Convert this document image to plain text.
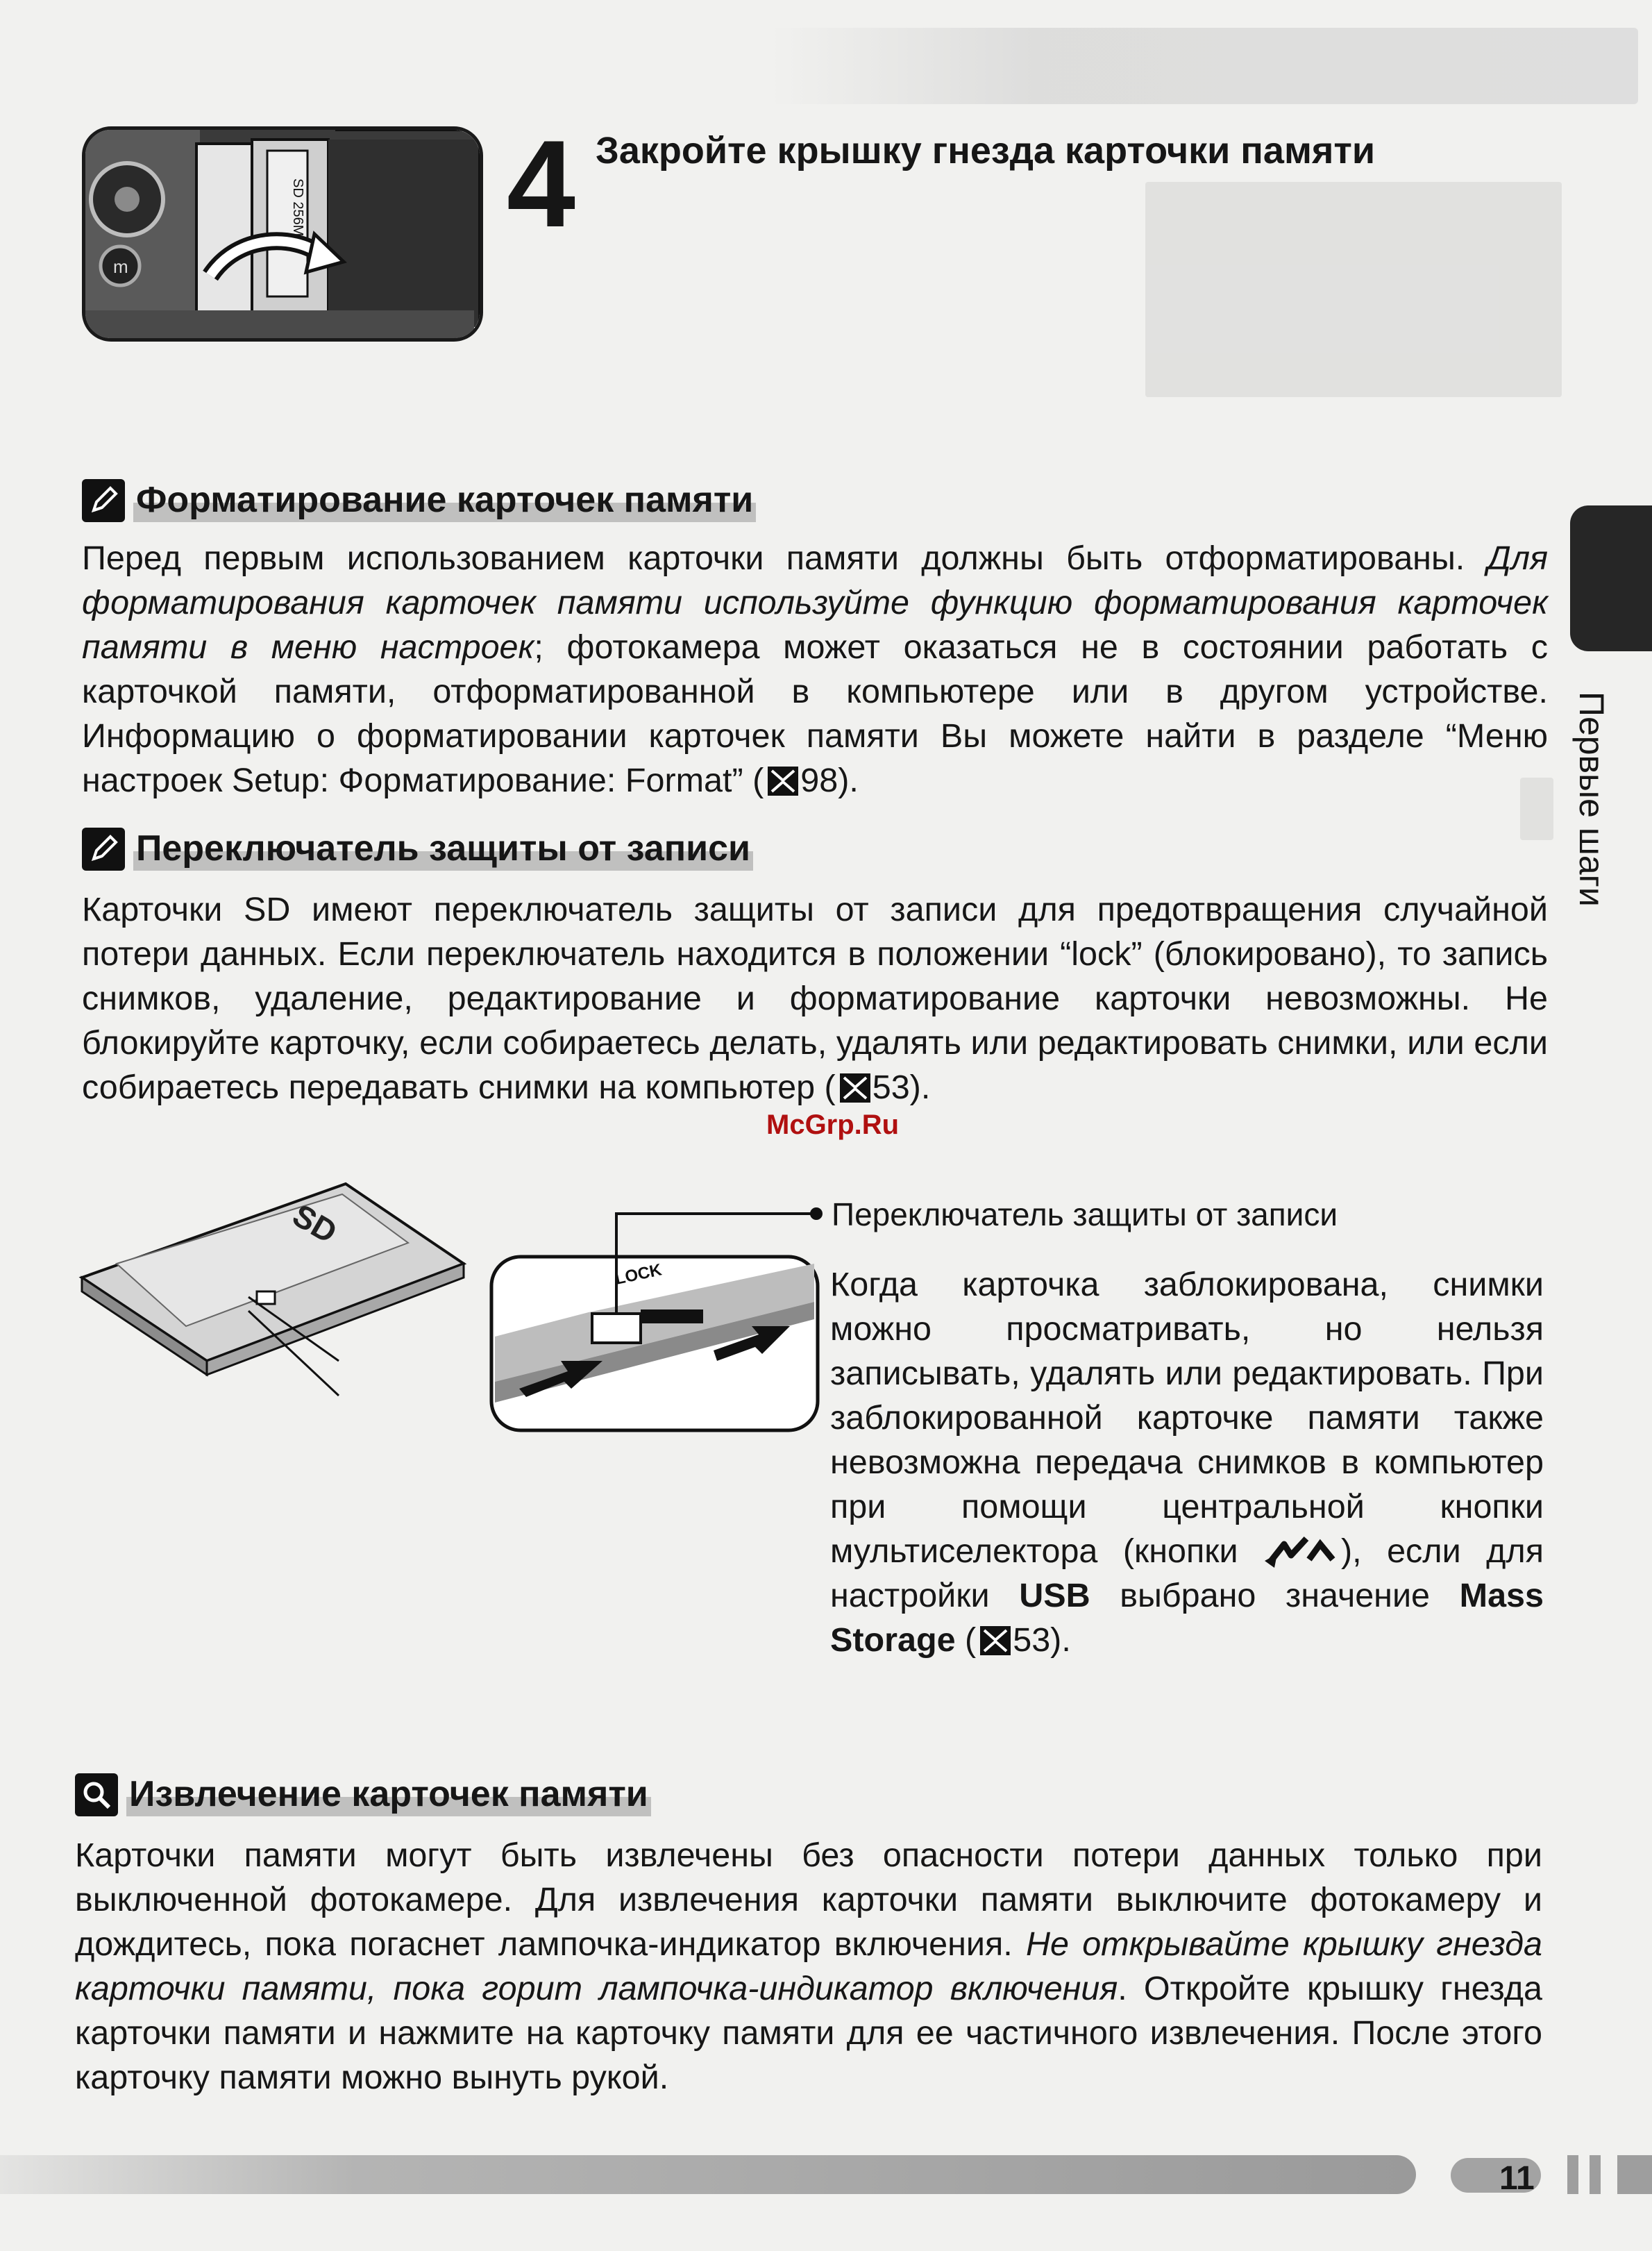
m
SD 256MB 4 Закройте крышку гнезда карточки памяти
Форматирование карточек памяти
Перед первым использованием карточки памяти должны быть отформатированы. Для форматирования карточек памяти используйте функцию форматирования карточек памяти в меню настроек; фотокамера может оказаться не в состоянии работать с карточкой памяти, отформатированной в компьютере или в другом устройстве. Информацию о форматировании карточек памяти Вы можете найти в разделе “Меню настроек Setup: Форматирование: Format” ( 98).	Первые шаги
Переключатель защиты от записи
Карточки SD имеют переключатель защиты от записи для предотвращения случайной потери данных. Если переключатель находится в положении “lock” (блокировано), то запись снимков, удаление, редактирование и форматирование карточки невозможны. Не блокируйте карточку, если собираетесь делать, удалять или редактировать снимки, или если собираетесь передавать снимки на компьютер ( 53).
McGrp.Ru
SD
LOCK
Переключатель защиты от записи
Когда карточка заблокирована, снимки можно просматривать, но нельзя записывать, удалять или редактировать. При заблокированной карточке памяти также невозможна передача снимков в компьютер при помощи центральной кнопки мультиселектора (кнопки ), если для настройки USB выбрано значение Mass Storage ( 53).
Извлечение карточек памяти
Карточки памяти могут быть извлечены без опасности потери данных только при выключенной фотокамере. Для извлечения карточки памяти выключите фотокамеру и дождитесь, пока погаснет лампочка-индикатор включения. Не открывайте крышку гнезда карточки памяти, пока горит лампочка-индикатор включения. Откройте крышку гнезда карточки памяти и нажмите на карточку памяти для ее частичного извлечения. После этого карточку памяти можно вынуть рукой.
11
